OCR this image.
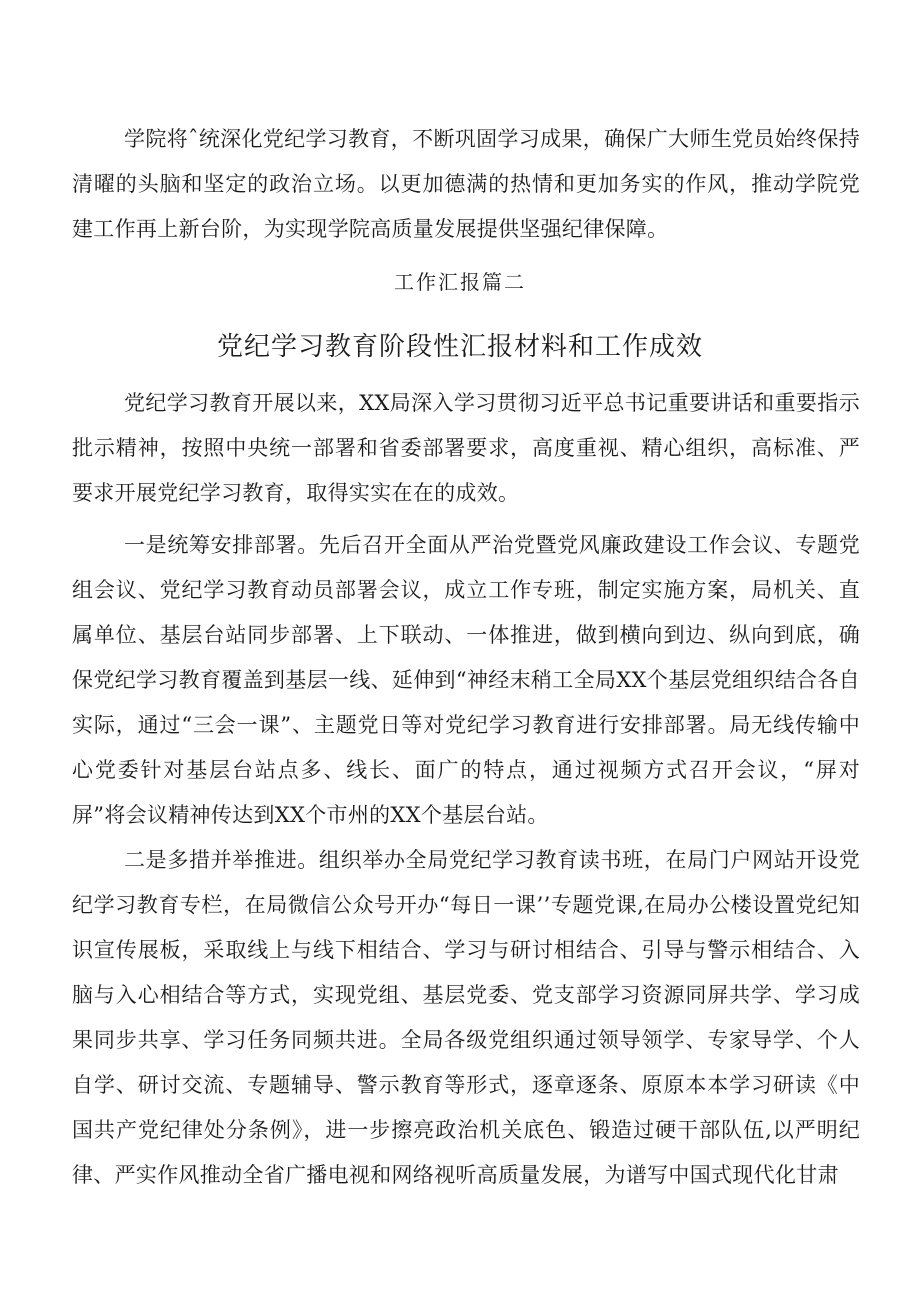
学院将ˆ统深化党纪学习教育，不断巩固学习成果，确保广大师生党员始终保持清曜的头脑和坚定的政治立场。以更加德满的热情和更加务实的作风，推动学院党建工作再上新台阶，为实现学院高质量发展提供坚强纪律保障。

工作汇报篇二
党纪学习教育阶段性汇报材料和工作成效

党纪学习教育开展以来，XX局深入学习贯彻习近平总书记重要讲话和重要指示批示精神，按照中央统一部署和省委部署要求，高度重视、精心组织，高标准、严要求开展党纪学习教育，取得实实在在的成效。

一是统筹安排部署。先后召开全面从严治党暨党风廉政建设工作会议、专题党组会议、党纪学习教育动员部署会议，成立工作专班，制定实施方案，局机关、直属单位、基层台站同步部署、上下联动、一体推进，做到横向到边、纵向到底，确保党纪学习教育覆盖到基层一线、延伸到“神经末稍工全局XX个基层党组织结合各自实际，通过“三会一课”、主题党日等对党纪学习教育进行安排部署。局无线传输中心党委针对基层台站点多、线长、面广的特点，通过视频方式召开会议，“屏对屏”将会议精神传达到XX个市州的XX个基层台站。

二是多措并举推进。组织举办全局党纪学习教育读书班，在局门户网站开设党纪学习教育专栏，在局微信公众号开办“每日一课’’专题党课,在局办公楼设置党纪知识宣传展板，采取线上与线下相结合、学习与研讨相结合、引导与警示相结合、入脑与入心相结合等方式，实现党组、基层党委、党支部学习资源同屏共学、学习成果同步共享、学习任务同频共进。全局各级党组织通过领导领学、专家导学、个人自学、研讨交流、专题辅导、警示教育等形式，逐章逐条、原原本本学习研读《中国共产党纪律处分条例》，进一步擦亮政治机关底色、锻造过硬干部队伍,以严明纪律、严实作风推动全省广播电视和网络视听高质量发展，为谱写中国式现代化甘肃
